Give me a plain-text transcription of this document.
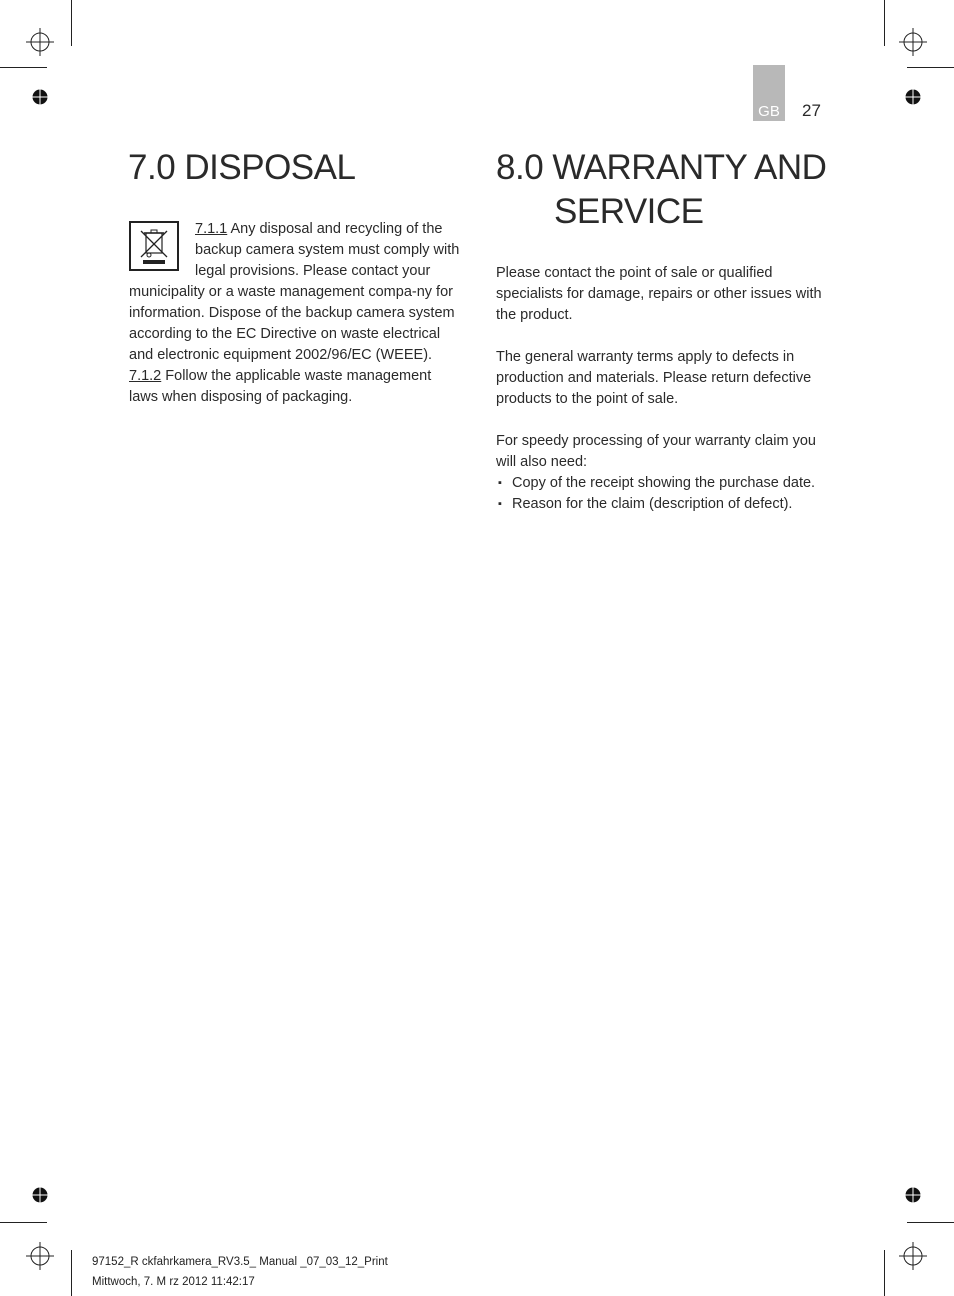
GB	27
7.0 DISPOSAL
7.1.1 Any disposal and recycling of the backup camera system must comply with legal provisions. Please contact your municipality or a waste management compa-ny for information. Dispose of the backup camera system according to the EC Directive on waste electrical and electronic equipment 2002/96/EC (WEEE).
7.1.2 Follow the applicable waste management laws when disposing of packaging.
8.0 WARRANTY AND
SERVICE

Please contact the point of sale or qualified specialists for damage, repairs or other issues with the product.

The general warranty terms apply to defects in production and materials. Please return defective products to the point of sale.

For speedy processing of your warranty claim you will also need:

▪ Copy of the receipt showing the purchase date.
▪ Reason for the claim (description of defect).
97152_R ckfahrkamera_RV3.5_ Manual _07_03_12_Print
Mittwoch, 7. M rz 2012 11:42:17
